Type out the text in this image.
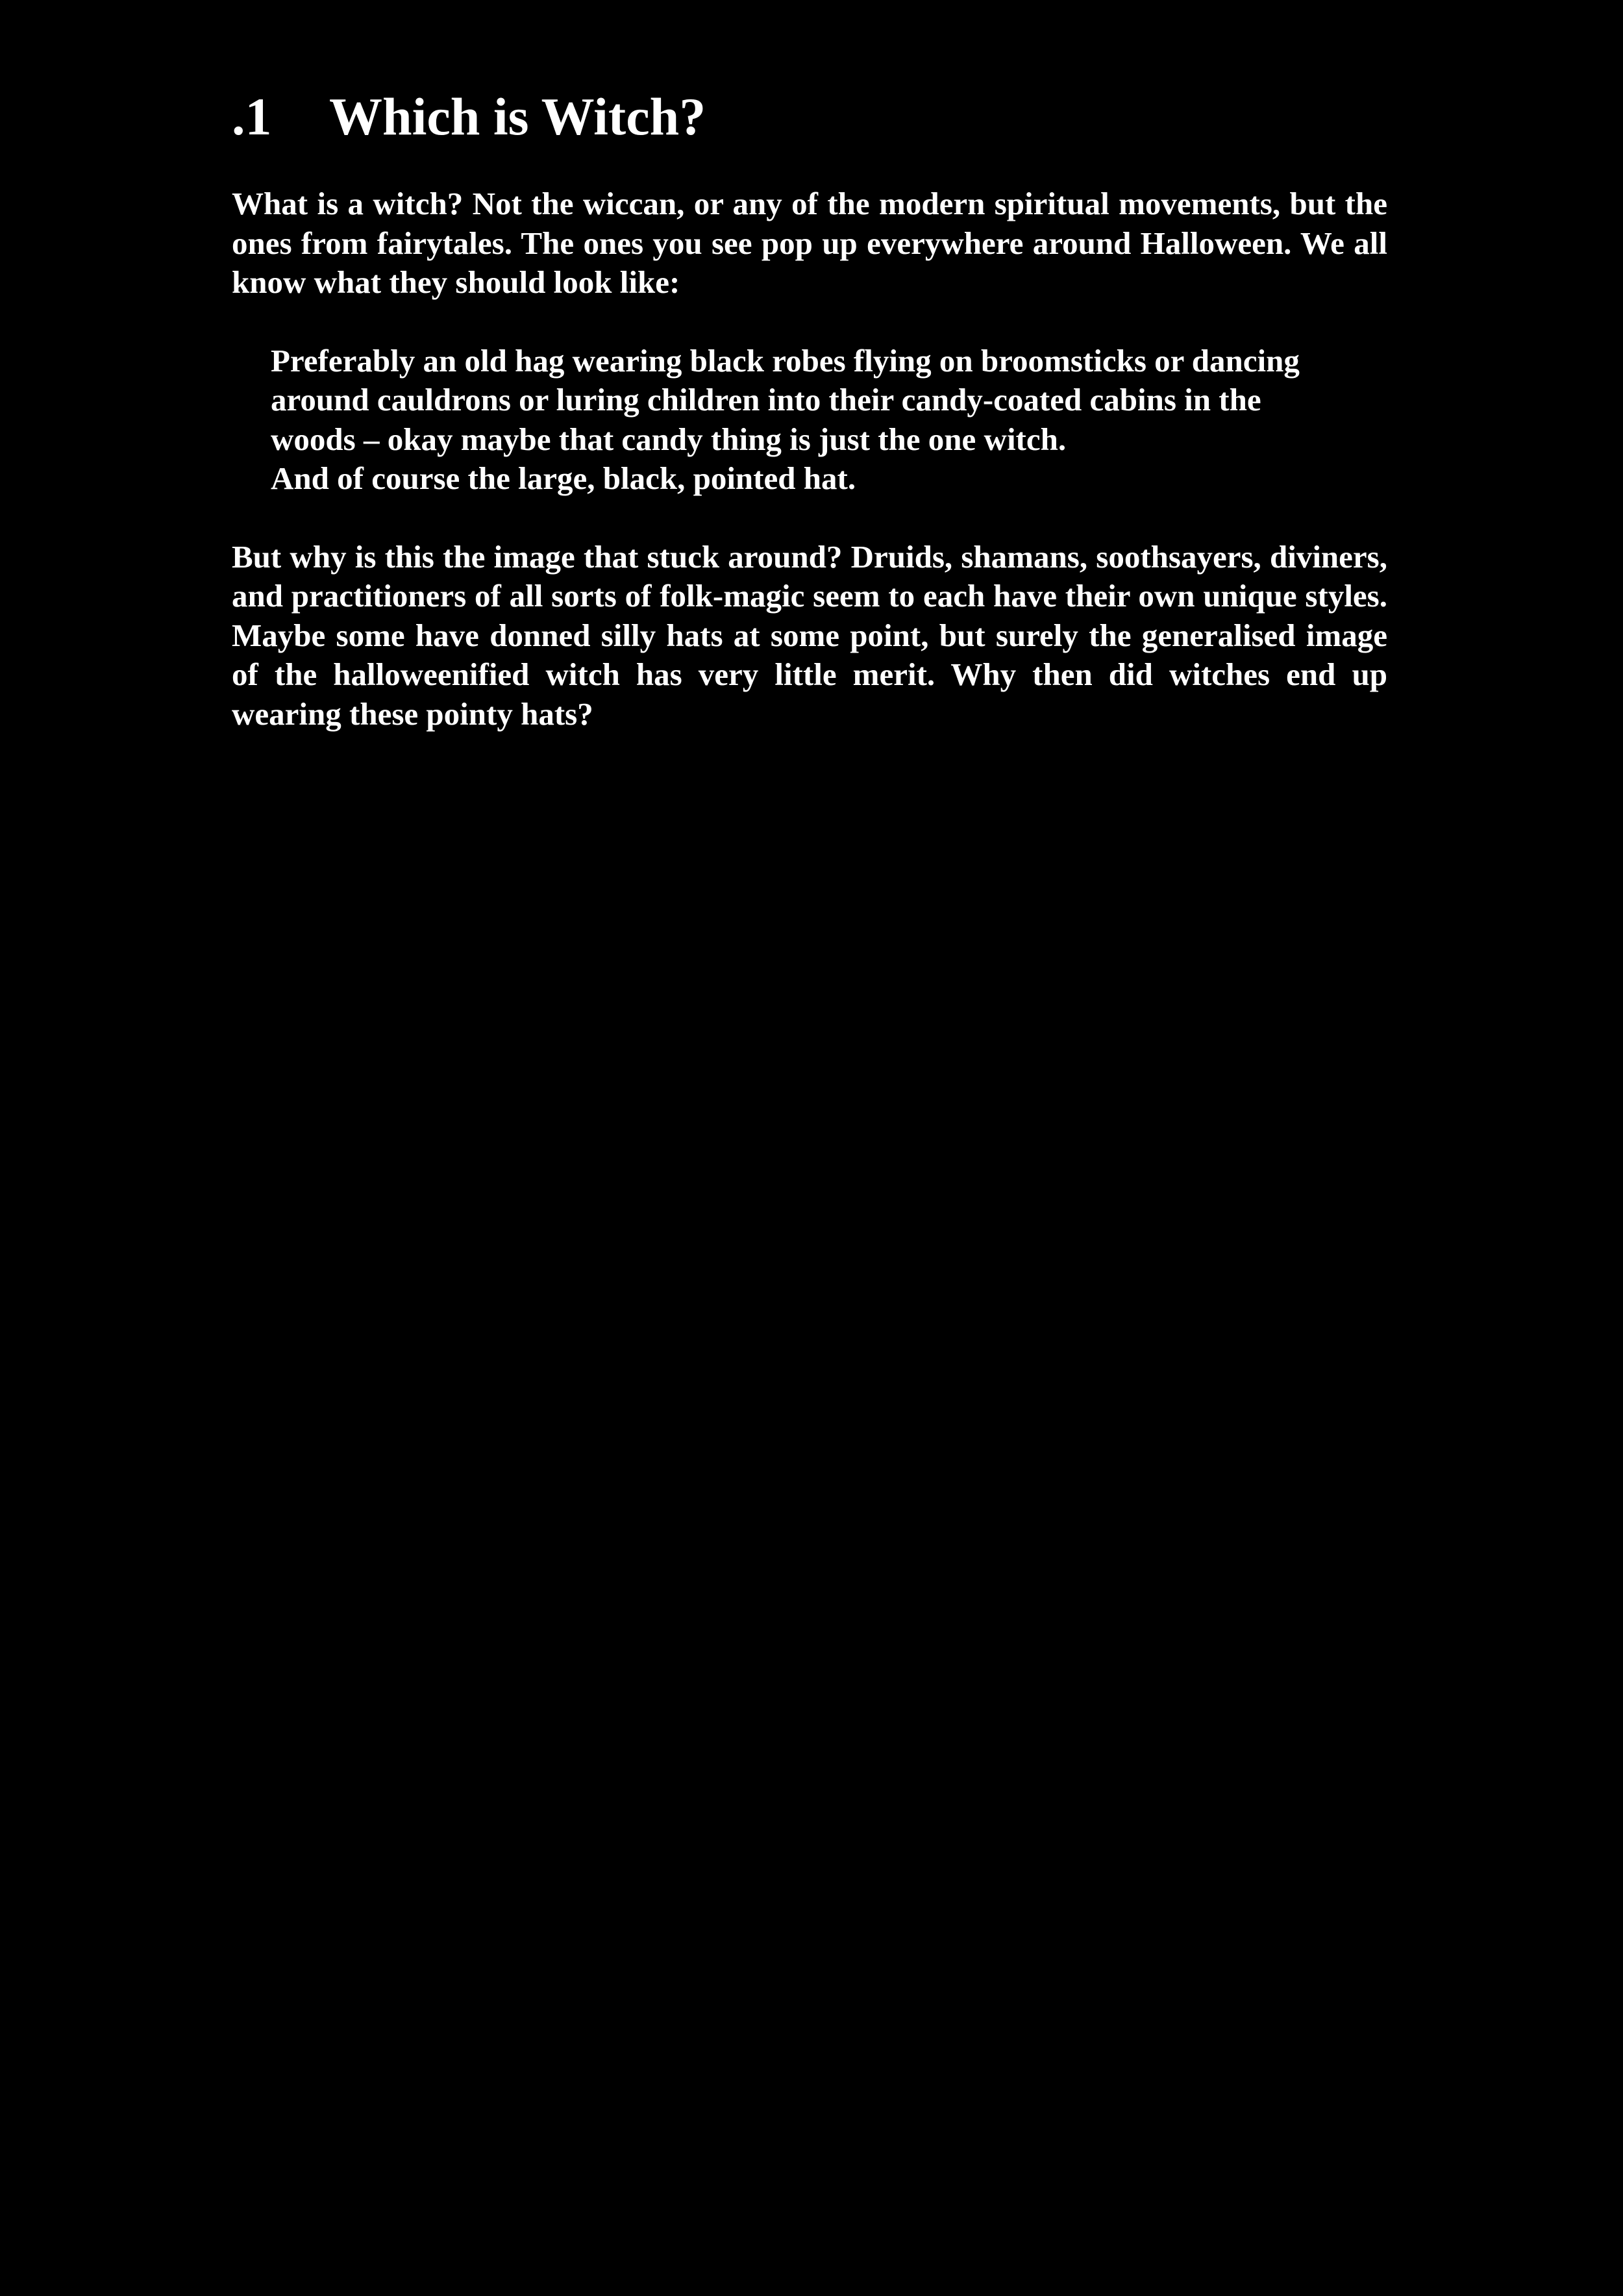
.1 Which is Witch?

What is a witch? Not the wiccan, or any of the modern spiritual movements, but the ones from fairytales. The ones you see pop up everywhere around Halloween. We all know what they should look like:

Preferably an old hag wearing black robes flying on broomsticks or dancing around cauldrons or luring children into their candy-coated cabins in the woods – okay maybe that candy thing is just the one witch.

And of course the large, black, pointed hat.

But why is this the image that stuck around? Druids, shamans, soothsayers, diviners, and practitioners of all sorts of folk-magic seem to each have their own unique styles. Maybe some have donned silly hats at some point, but surely the generalised image of the halloweenified witch has very little merit. Why then did witches end up wearing these pointy hats?
